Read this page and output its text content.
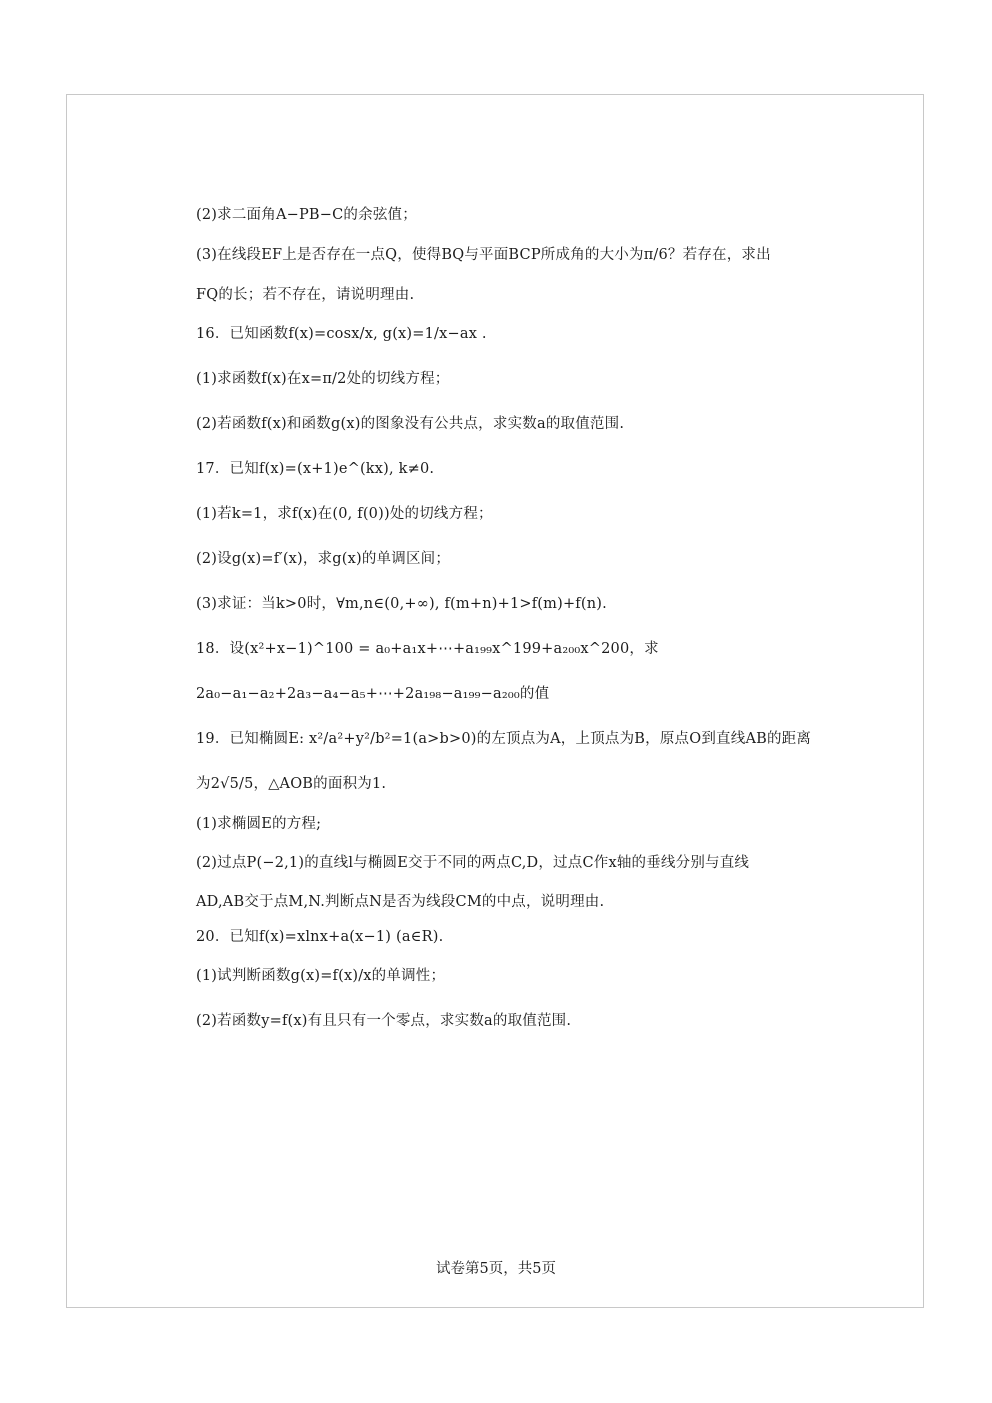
(2)求二面角A−PB−C的余弦值；
(3)在线段EF上是否存在一点Q，使得BQ与平面BCP所成角的大小为π/6？若存在，求出
FQ的长；若不存在，请说明理由.
16．已知函数f(x)=cosx/x, g(x)=1/x−ax .
(1)求函数f(x)在x=π/2处的切线方程；
(2)若函数f(x)和函数g(x)的图象没有公共点，求实数a的取值范围.
17．已知f(x)=(x+1)e^(kx), k≠0.
(1)若k=1，求f(x)在(0, f(0))处的切线方程；
(2)设g(x)=f′(x)，求g(x)的单调区间；
(3)求证：当k>0时，∀m,n∈(0,+∞), f(m+n)+1>f(m)+f(n).
18．设(x²+x−1)^100 = a₀+a₁x+⋯+a₁₉₉x^199+a₂₀₀x^200，求
2a₀−a₁−a₂+2a₃−a₄−a₅+⋯+2a₁₉₈−a₁₉₉−a₂₀₀的值
19．已知椭圆E: x²/a²+y²/b²=1(a>b>0)的左顶点为A，上顶点为B，原点O到直线AB的距离
为2√5/5，△AOB的面积为1.
(1)求椭圆E的方程;
(2)过点P(−2,1)的直线l与椭圆E交于不同的两点C,D，过点C作x轴的垂线分别与直线
AD,AB交于点M,N.判断点N是否为线段CM的中点，说明理由.
20．已知f(x)=xlnx+a(x−1) (a∈R).
(1)试判断函数g(x)=f(x)/x的单调性；
(2)若函数y=f(x)有且只有一个零点，求实数a的取值范围.
试卷第5页，共5页
